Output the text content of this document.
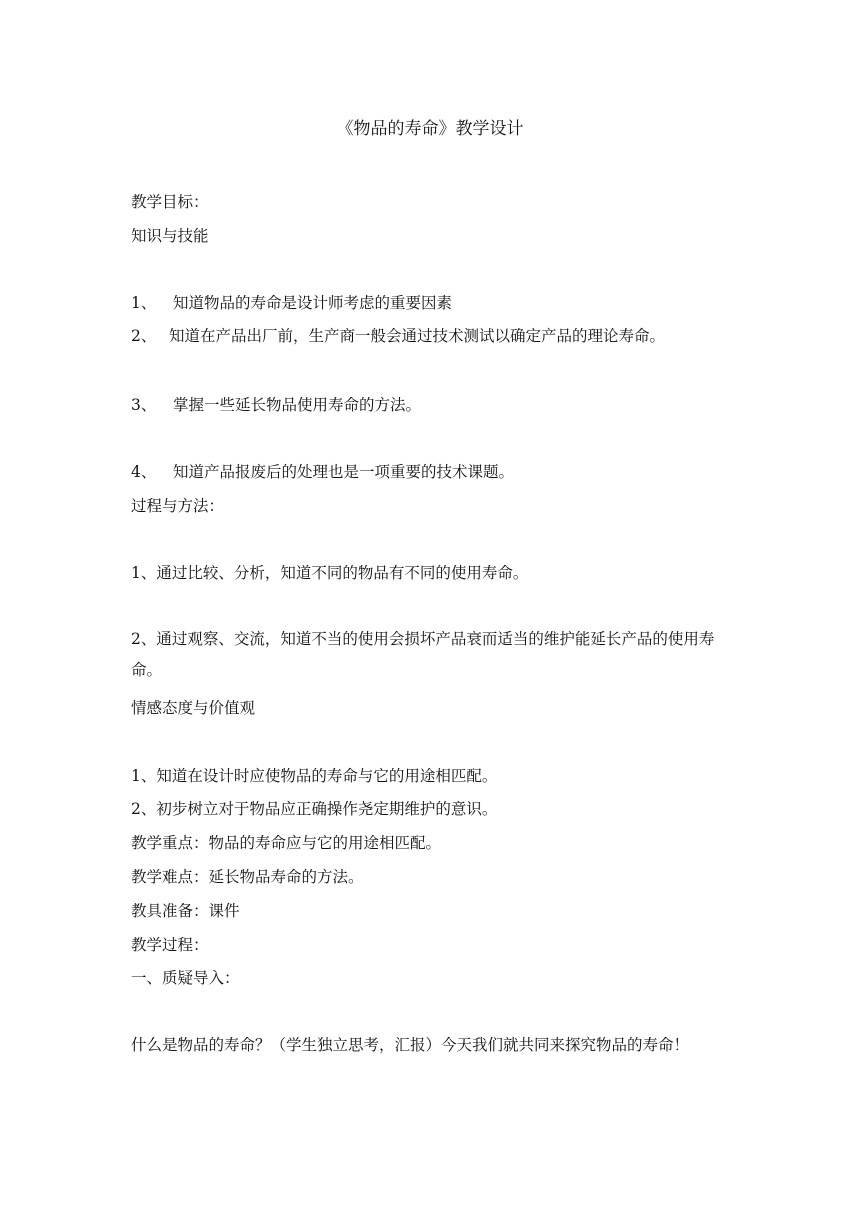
《物品的寿命》教学设计
教学目标：
知识与技能
1、 知道物品的寿命是设计师考虑的重要因素
2、 知道在产品出厂前，生产商一般会通过技术测试以确定产品的理论寿命。
3、 掌握一些延长物品使用寿命的方法。
4、 知道产品报废后的处理也是一项重要的技术课题。
过程与方法：
1、通过比较、分析，知道不同的物品有不同的使用寿命。
2、通过观察、交流，知道不当的使用会损坏产品衰而适当的维护能延长产品的使用寿命。
情感态度与价值观
1、知道在设计时应使物品的寿命与它的用途相匹配。
2、初步树立对于物品应正确操作尧定期维护的意识。
教学重点：物品的寿命应与它的用途相匹配。
教学难点：延长物品寿命的方法。
教具准备：课件
教学过程：
一、质疑导入：
什么是物品的寿命？（学生独立思考，汇报）今天我们就共同来探究物品的寿命！
